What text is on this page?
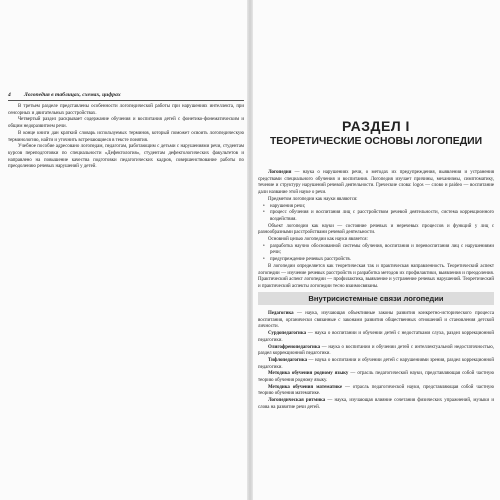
4 Логопедия в таблицах, схемах, цифрах

В третьем разделе представлены особенности логопедической работы при нарушениях интеллекта, при сенсорных и двигательных расстройствах.

Четвертый раздел раскрывает содержание обучения и воспитания детей с фонетико-фонематическим и общим недоразвитием речи.

В конце книги дан краткий словарь используемых терминов, который поможет освоить логопедическую терминологию, найти и уточнить встречающиеся в тексте понятия.

Учебное пособие адресовано логопедам, педагогам, работающим с детьми с нарушениями речи, студентам курсов переподготовки по специальности «Дефектология», студентам дефектологических факультетов и направлено на повышение качества подготовки педагогических кадров, совершенствование работы по преодолению речевых нарушений у детей.

РАЗДЕЛ I
ТЕОРЕТИЧЕСКИЕ ОСНОВЫ ЛОГОПЕДИИ

Логопедия — наука о нарушениях речи, о методах их предупреждения, выявления и устранения средствами специального обучения и воспитания. Логопедия изучает причины, механизмы, симптоматику, течение и структуру нарушений речевой деятельности. Греческие слова: logos — слово и paideo — воспитание дали название этой науке о речи.

Предметом логопедии как науки являются:

• нарушения речи;
• процесс обучения и воспитания лиц с расстройством речевой деятельности, система коррекционного воздействия.

Объект логопедии как науки — состояние речевых и неречевых процессов и функций у лиц с разнообразными расстройствами речевой деятельности.

Основной целью логопедии как науки является:

• разработка научно обоснованной системы обучения, воспитания и перевоспитания лиц с нарушениями речи;
• предупреждение речевых расстройств.

В логопедии определяется как теоретическая так и практическая направленность. Теоретический аспект логопедии — изучение речевых расстройств и разработка методов их профилактики, выявления и преодоления. Практический аспект логопедии — профилактика, выявление и устранение речевых нарушений. Теоретический и практический аспекты логопедии тесно взаимосвязаны.

Внутрисистемные связи логопедии

Педагогика — наука, изучающая объективные законы развития конкретно-исторического процесса воспитания, органически связанные с законами развития общественных отношений и становления детской личности.

Сурдопедагогика — наука о воспитании и обучении детей с недостатками слуха, раздел коррекционной педагогики.

Олигофренопедагогика — наука о воспитании и обучении детей с интеллектуальной недостаточностью, раздел коррекционной педагогики.

Тифлопедагогика — наука о воспитании и обучении детей с нарушениями зрения, раздел коррекционной педагогики.

Методика обучения родному языку — отрасль педагогической науки, представляющая собой частную теорию обучения родному языку.

Методика обучения математике — отрасль педагогической науки, представляющая собой частную теорию обучения математике.

Логопедическая ритмика — наука, изучающая влияние сочетания физических упражнений, музыки и слова на развитие речи детей.
